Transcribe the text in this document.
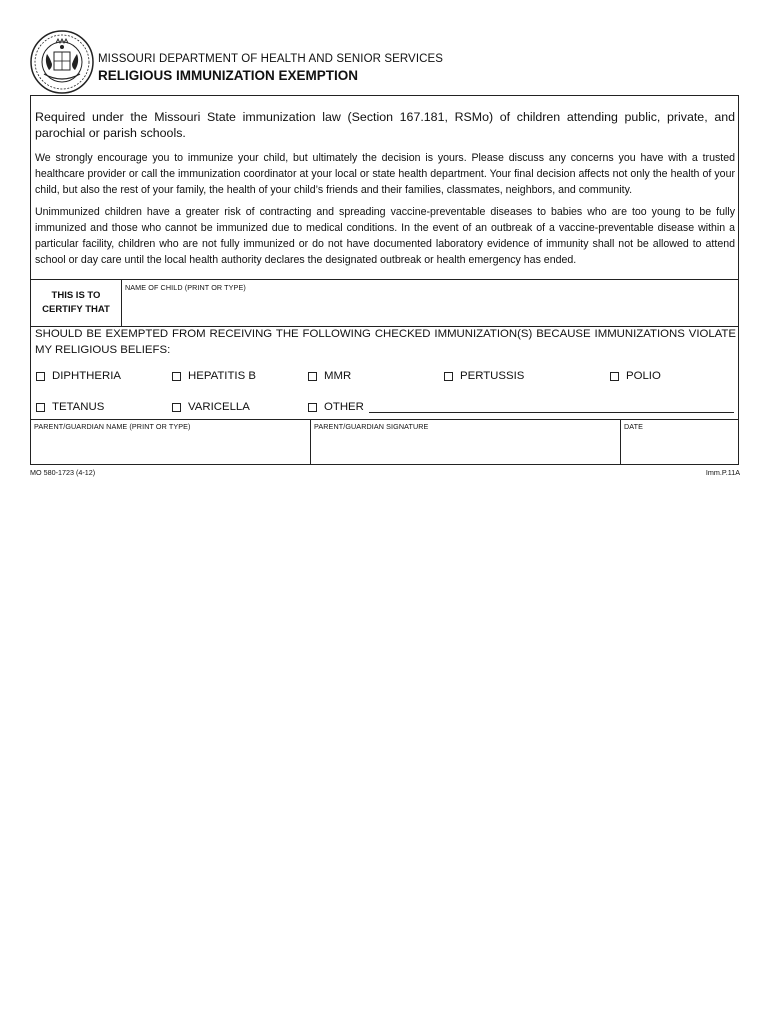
MISSOURI DEPARTMENT OF HEALTH AND SENIOR SERVICES
RELIGIOUS IMMUNIZATION EXEMPTION
Required under the Missouri State immunization law (Section 167.181, RSMo) of children attending public, private, and parochial or parish schools.
We strongly encourage you to immunize your child, but ultimately the decision is yours. Please discuss any concerns you have with a trusted healthcare provider or call the immunization coordinator at your local or state health department. Your final decision affects not only the health of your child, but also the rest of your family, the health of your child’s friends and their families, classmates, neighbors, and community.
Unimmunized children have a greater risk of contracting and spreading vaccine-preventable diseases to babies who are too young to be fully immunized and those who cannot be immunized due to medical conditions. In the event of an outbreak of a vaccine-preventable disease within a particular facility, children who are not fully immunized or do not have documented laboratory evidence of immunity shall not be allowed to attend school or day care until the local health authority declares the designated outbreak or health emergency has ended.
THIS IS TO
CERTIFY THAT
NAME OF CHILD (PRINT OR TYPE)
SHOULD BE EXEMPTED FROM RECEIVING THE FOLLOWING CHECKED IMMUNIZATION(S) BECAUSE IMMUNIZATIONS VIOLATE MY RELIGIOUS BELIEFS:
DIPHTHERIA	HEPATITIS B	MMR	PERTUSSIS	POLIO
TETANUS	VARICELLA	OTHER
PARENT/GUARDIAN NAME (PRINT OR TYPE)	PARENT/GUARDIAN SIGNATURE	DATE
MO 580-1723 (4-12)	Imm.P.11A
